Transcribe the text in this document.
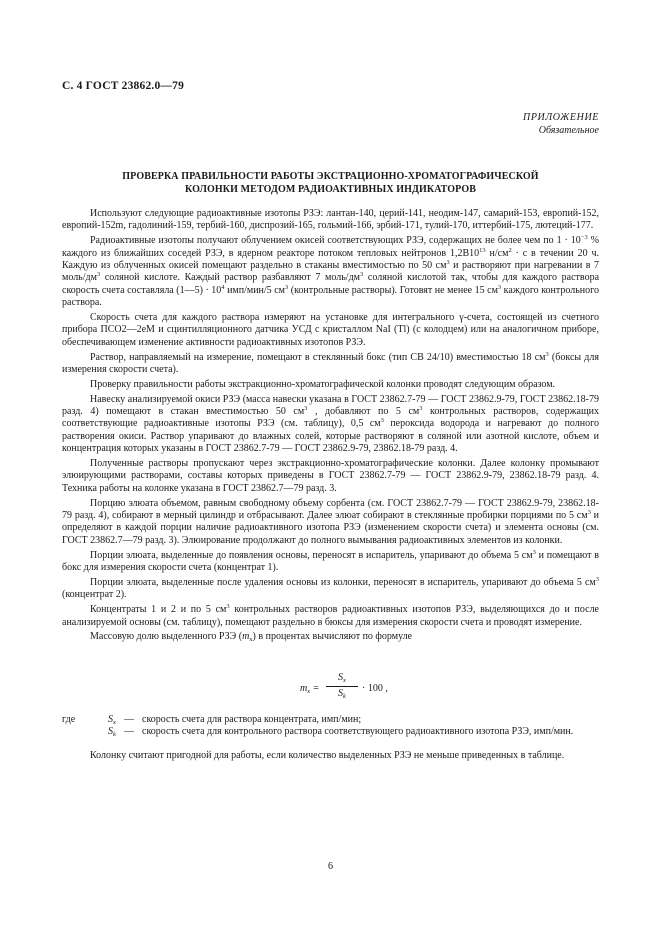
С. 4 ГОСТ 23862.0—79
ПРИЛОЖЕНИЕ
Обязательное
ПРОВЕРКА ПРАВИЛЬНОСТИ РАБОТЫ ЭКСТРАЦИОННО-ХРОМАТОГРАФИЧЕСКОЙ
КОЛОНКИ МЕТОДОМ РАДИОАКТИВНЫХ ИНДИКАТОРОВ

Используют следующие радиоактивные изотопы РЗЭ: лантан-140, церий-141, неодим-147, самарий-153, европий-152, европий-152m, гадолиний-159, тербий-160, диспрозий-165, гольмий-166, эрбий-171, тулий-170, иттербий-175, лютеций-177.

Радиоактивные изотопы получают облучением окисей соответствующих РЗЭ, содержащих не более чем по $1 \cdot 10^{-3}$ % каждого из ближайших соседей РЗЭ, в ядерном реакторе потоком тепловых нейтронов $1,2B10^{13}$ $н/см^2 \cdot с$ в течении 20 ч. Каждую из облученных окисей помещают раздельно в стаканы вместимостью по 50 $см^3$ и растворяют при нагревании в 7 моль/$дм^3$ соляной кислоте. Каждый раствор разбавляют 7 моль/$дм^3$ соляной кислотой так, чтобы для каждого раствора скорость счета составляла (1—5) · $10^4$ имп/мин/5 $см^3$ (контрольные растворы). Готовят не менее 15 $см^3$ каждого контрольного раствора.

Скорость счета для каждого раствора измеряют на установке для интегрального γ-счета, состоящей из счетного прибора ПСО2—2еМ и сцинтилляционного датчика УСД с кристаллом NaI (Tl) (с колодцем) или на аналогичном приборе, обеспечивающем изменение активности радиоактивных изотопов РЗЭ.

Раствор, направляемый на измерение, помещают в стеклянный бокс (тип СВ 24/10) вместимостью 18 $см^3$ (боксы для измерения скорости счета).

Проверку правильности работы экстракционно-хроматографической колонки проводят следующим образом.

Навеску анализируемой окиси РЗЭ (масса навески указана в ГОСТ 23862.7-79 — ГОСТ 23862.9-79, ГОСТ 23862.18-79 разд. 4) помещают в стакан вместимостью 50 $см^3$ , добавляют по 5 $см^3$ контрольных растворов, содержащих соответствующие радиоактивные изотопы РЗЭ (см. таблицу), 0,5 $см^3$ пероксида водорода и нагревают до полного растворения окиси. Раствор упаривают до влажных солей, которые растворяют в соляной или азотной кислоте, объем и концентрация которых указаны в ГОСТ 23862.7-79 — ГОСТ 23862.9-79, 23862.18-79 разд. 4.

Полученные растворы пропускают через экстракционно-хроматографические колонки. Далее колонку промывают элюирующими растворами, составы которых приведены в ГОСТ 23862.7-79 — ГОСТ 23862.9-79, 23862.18-79 разд. 4. Техника работы на колонке указана в ГОСТ 23862.7—79 разд. 3.

Порцию элюата объемом, равным свободному объему сорбента (см. ГОСТ 23862.7-79 — ГОСТ 23862.9-79, 23862.18-79 разд. 4), собирают в мерный цилиндр и отбрасывают. Далее элюат собирают в стеклянные пробирки порциями по 5 $см^3$ и определяют в каждой порции наличие радиоактивного изотопа РЗЭ (изменением скорости счета) и элемента основы (см. ГОСТ 23862.7—79 разд. 3). Элюирование продолжают до полного вымывания радиоактивных элементов из колонки.

Порции элюата, выделенные до появления основы, переносят в испаритель, упаривают до объема 5 $см^3$ и помещают в бокс для измерения скорости счета (концентрат 1).

Порции элюата, выделенные после удаления основы из колонки, переносят в испаритель, упаривают до объема 5 $см^3$ (концентрат 2).

Концентраты 1 и 2 и по 5 $см^3$ контрольных растворов радиоактивных изотопов РЗЭ, выделяющихся до и после анализируемой основы (см. таблицу), помещают раздельно в бюксы для измерения скорости счета и проводят измерение.

Массовую долю выделенного РЗЭ $(m_x)$ в процентах вычисляют по формуле

$m_x$ =
$S_x$
$S_k$
· 100 ,
где	$S_x$ — скорость счета для раствора концентрата, имп/мин;
$S_k$ — скорость счета для контрольного раствора соответствующего радиоактивного изотопа РЗЭ, имп/мин.

Колонку считают пригодной для работы, если количество выделенных РЗЭ не меньше приведенных в таблице.

6
